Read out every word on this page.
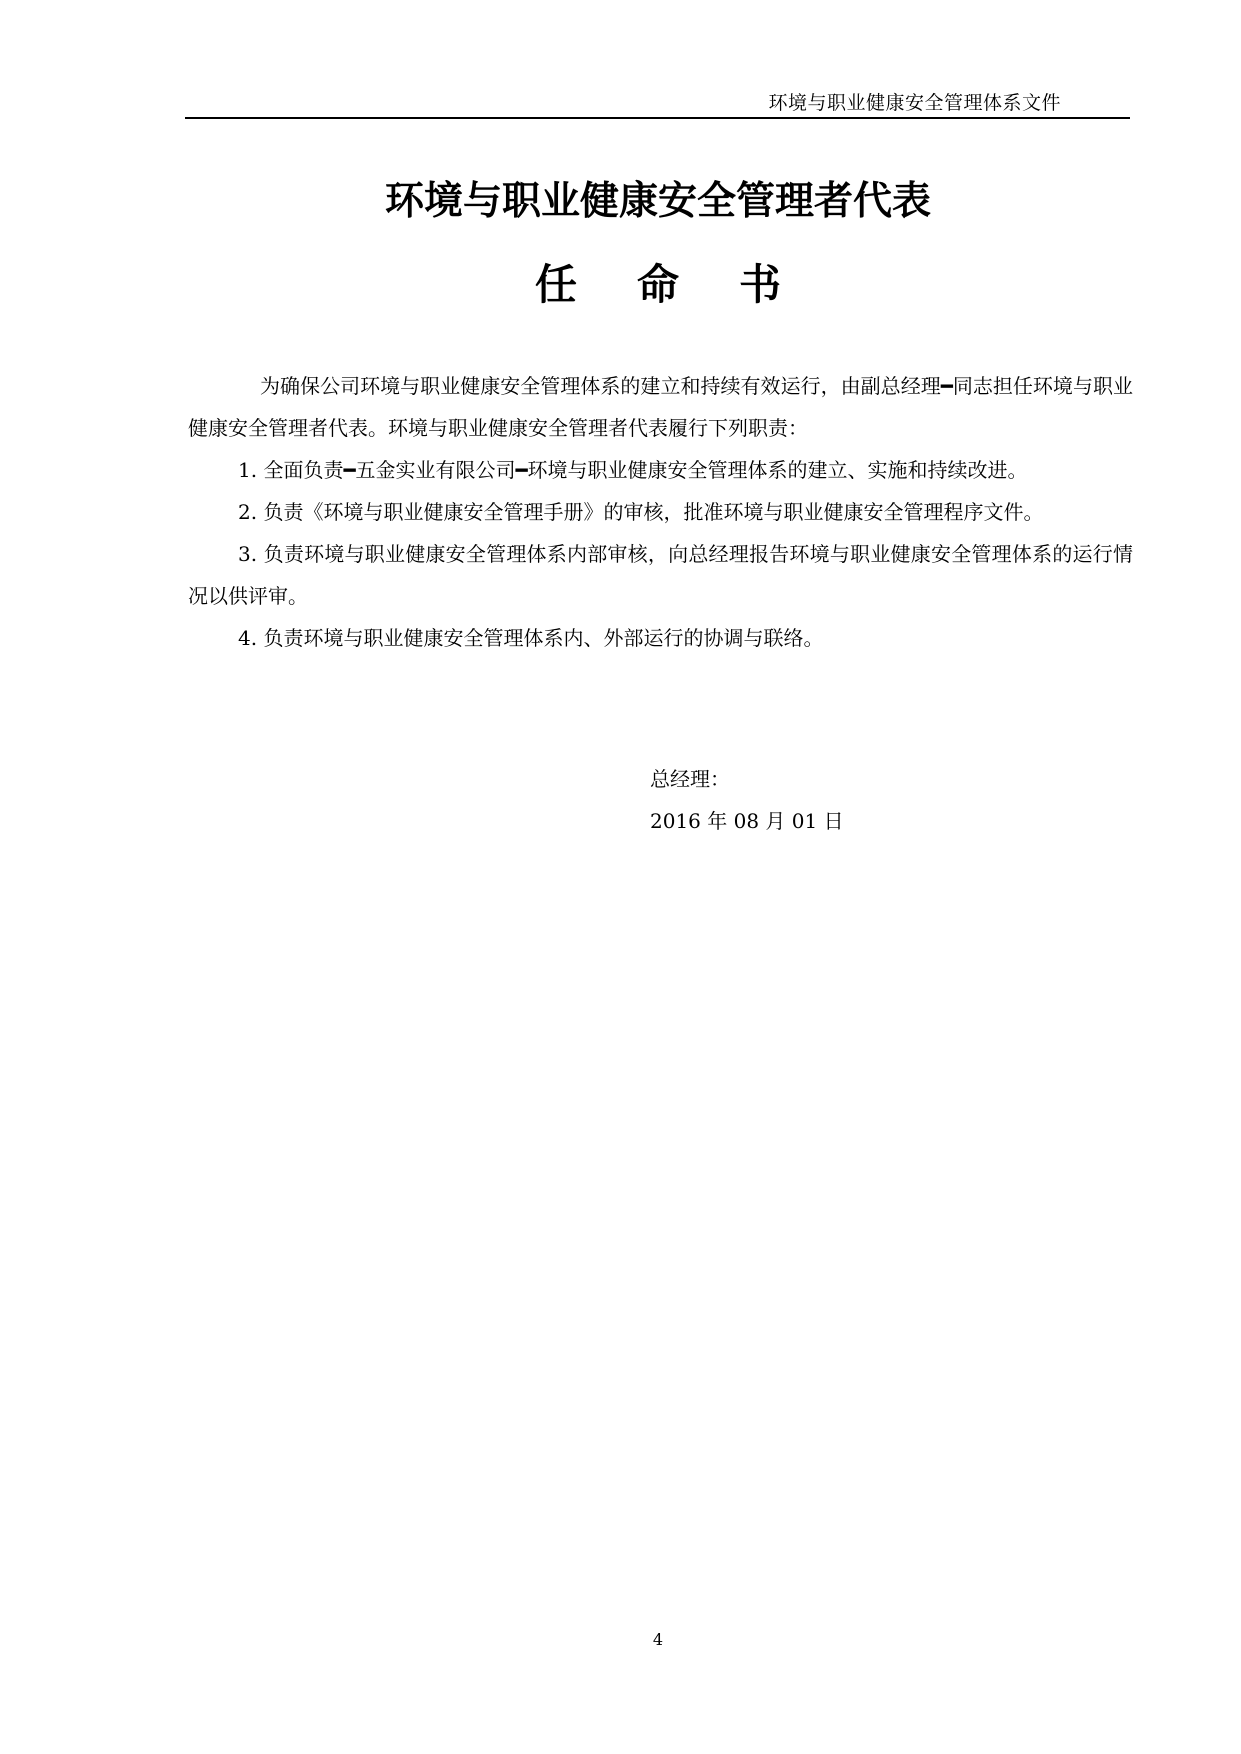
环境与职业健康安全管理体系文件
环境与职业健康安全管理者代表
任命书

为确保公司环境与职业健康安全管理体系的建立和持续有效运行，由副总经理━同志担任环境与职业健康安全管理者代表。环境与职业健康安全管理者代表履行下列职责：

1. 全面负责━五金实业有限公司━环境与职业健康安全管理体系的建立、实施和持续改进。

2. 负责《环境与职业健康安全管理手册》的审核，批准环境与职业健康安全管理程序文件。

3. 负责环境与职业健康安全管理体系内部审核，向总经理报告环境与职业健康安全管理体系的运行情况以供评审。

4. 负责环境与职业健康安全管理体系内、外部运行的协调与联络。

总经理：
2016 年 08 月 01 日
4
